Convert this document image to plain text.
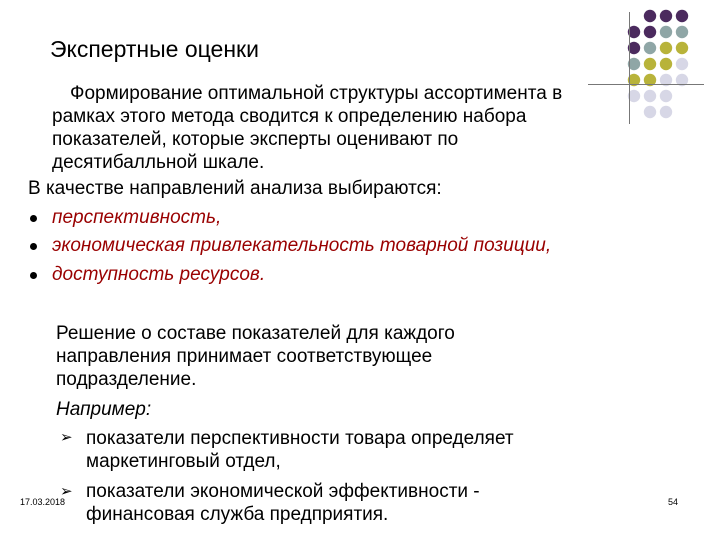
Экспертные оценки
Формирование оптимальной структуры ассортимента в
рамках этого метода сводится к определению набора
показателей, которые эксперты оценивают по
десятибалльной шкале.
В качестве направлений анализа выбираются:
перспективность,
экономическая привлекательность товарной позиции,
доступность ресурсов.
Решение о составе показателей для каждого
направления принимает соответствующее
подразделение.
Например:
➢ показатели перспективности товара определяет
маркетинговый отдел,
➢ показатели экономической эффективности -
финансовая служба предприятия.
17.03.2018	54
